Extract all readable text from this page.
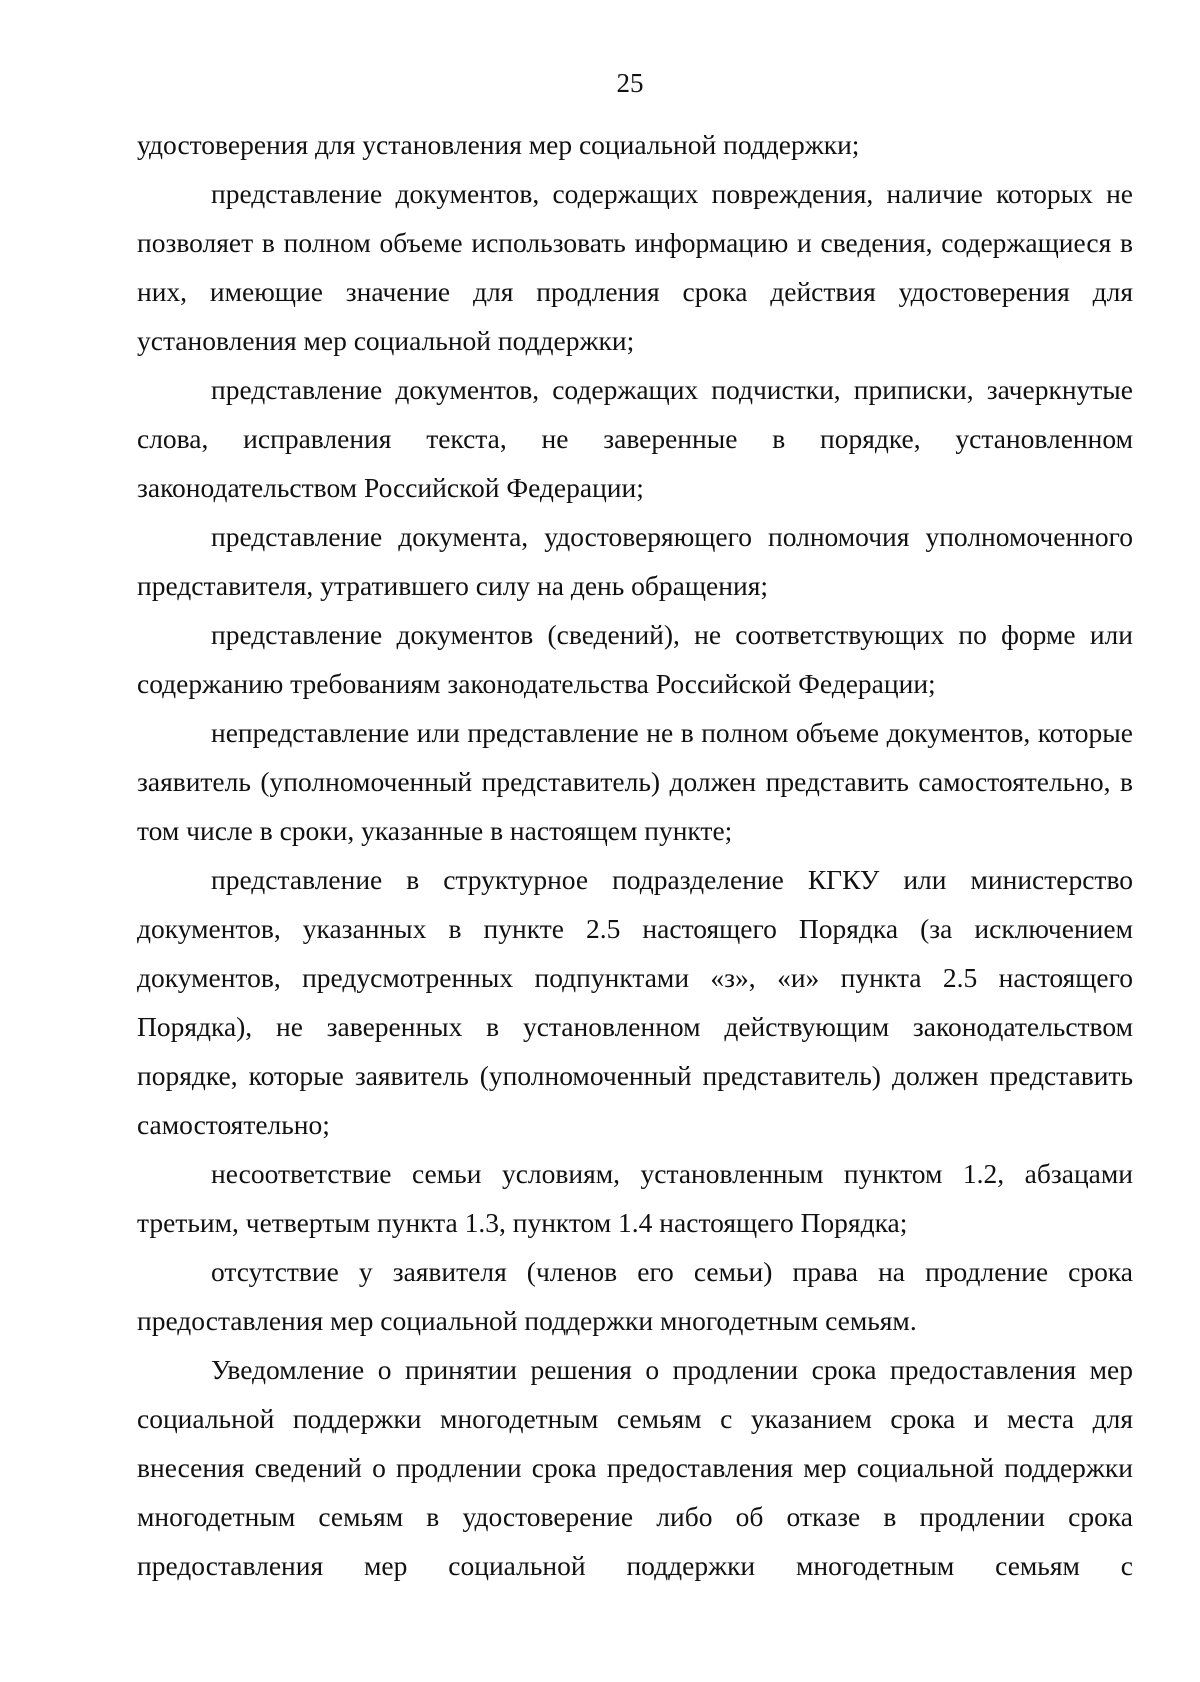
25

удостоверения для установления мер социальной поддержки;

представление документов, содержащих повреждения, наличие которых не позволяет в полном объеме использовать информацию и сведения, содержащиеся в них, имеющие значение для продления срока действия удостоверения для установления мер социальной поддержки;

представление документов, содержащих подчистки, приписки, зачеркнутые слова, исправления текста, не заверенные в порядке, установленном законодательством Российской Федерации;

представление документа, удостоверяющего полномочия уполномоченного представителя, утратившего силу на день обращения;

представление документов (сведений), не соответствующих по форме или содержанию требованиям законодательства Российской Федерации;

непредставление или представление не в полном объеме документов, которые заявитель (уполномоченный представитель) должен представить самостоятельно, в том числе в сроки, указанные в настоящем пункте;

представление в структурное подразделение КГКУ или министерство документов, указанных в пункте 2.5 настоящего Порядка (за исключением документов, предусмотренных подпунктами «з», «и» пункта 2.5 настоящего Порядка), не заверенных в установленном действующим законодательством порядке, которые заявитель (уполномоченный представитель) должен представить самостоятельно;

несоответствие семьи условиям, установленным пунктом 1.2, абзацами третьим, четвертым пункта 1.3, пунктом 1.4 настоящего Порядка;

отсутствие у заявителя (членов его семьи) права на продление срока предоставления мер социальной поддержки многодетным семьям.

Уведомление о принятии решения о продлении срока предоставления мер социальной поддержки многодетным семьям с указанием срока и места для внесения сведений о продлении срока предоставления мер социальной поддержки многодетным семьям в удостоверение либо об отказе в продлении срока предоставления мер социальной поддержки многодетным семьям с
